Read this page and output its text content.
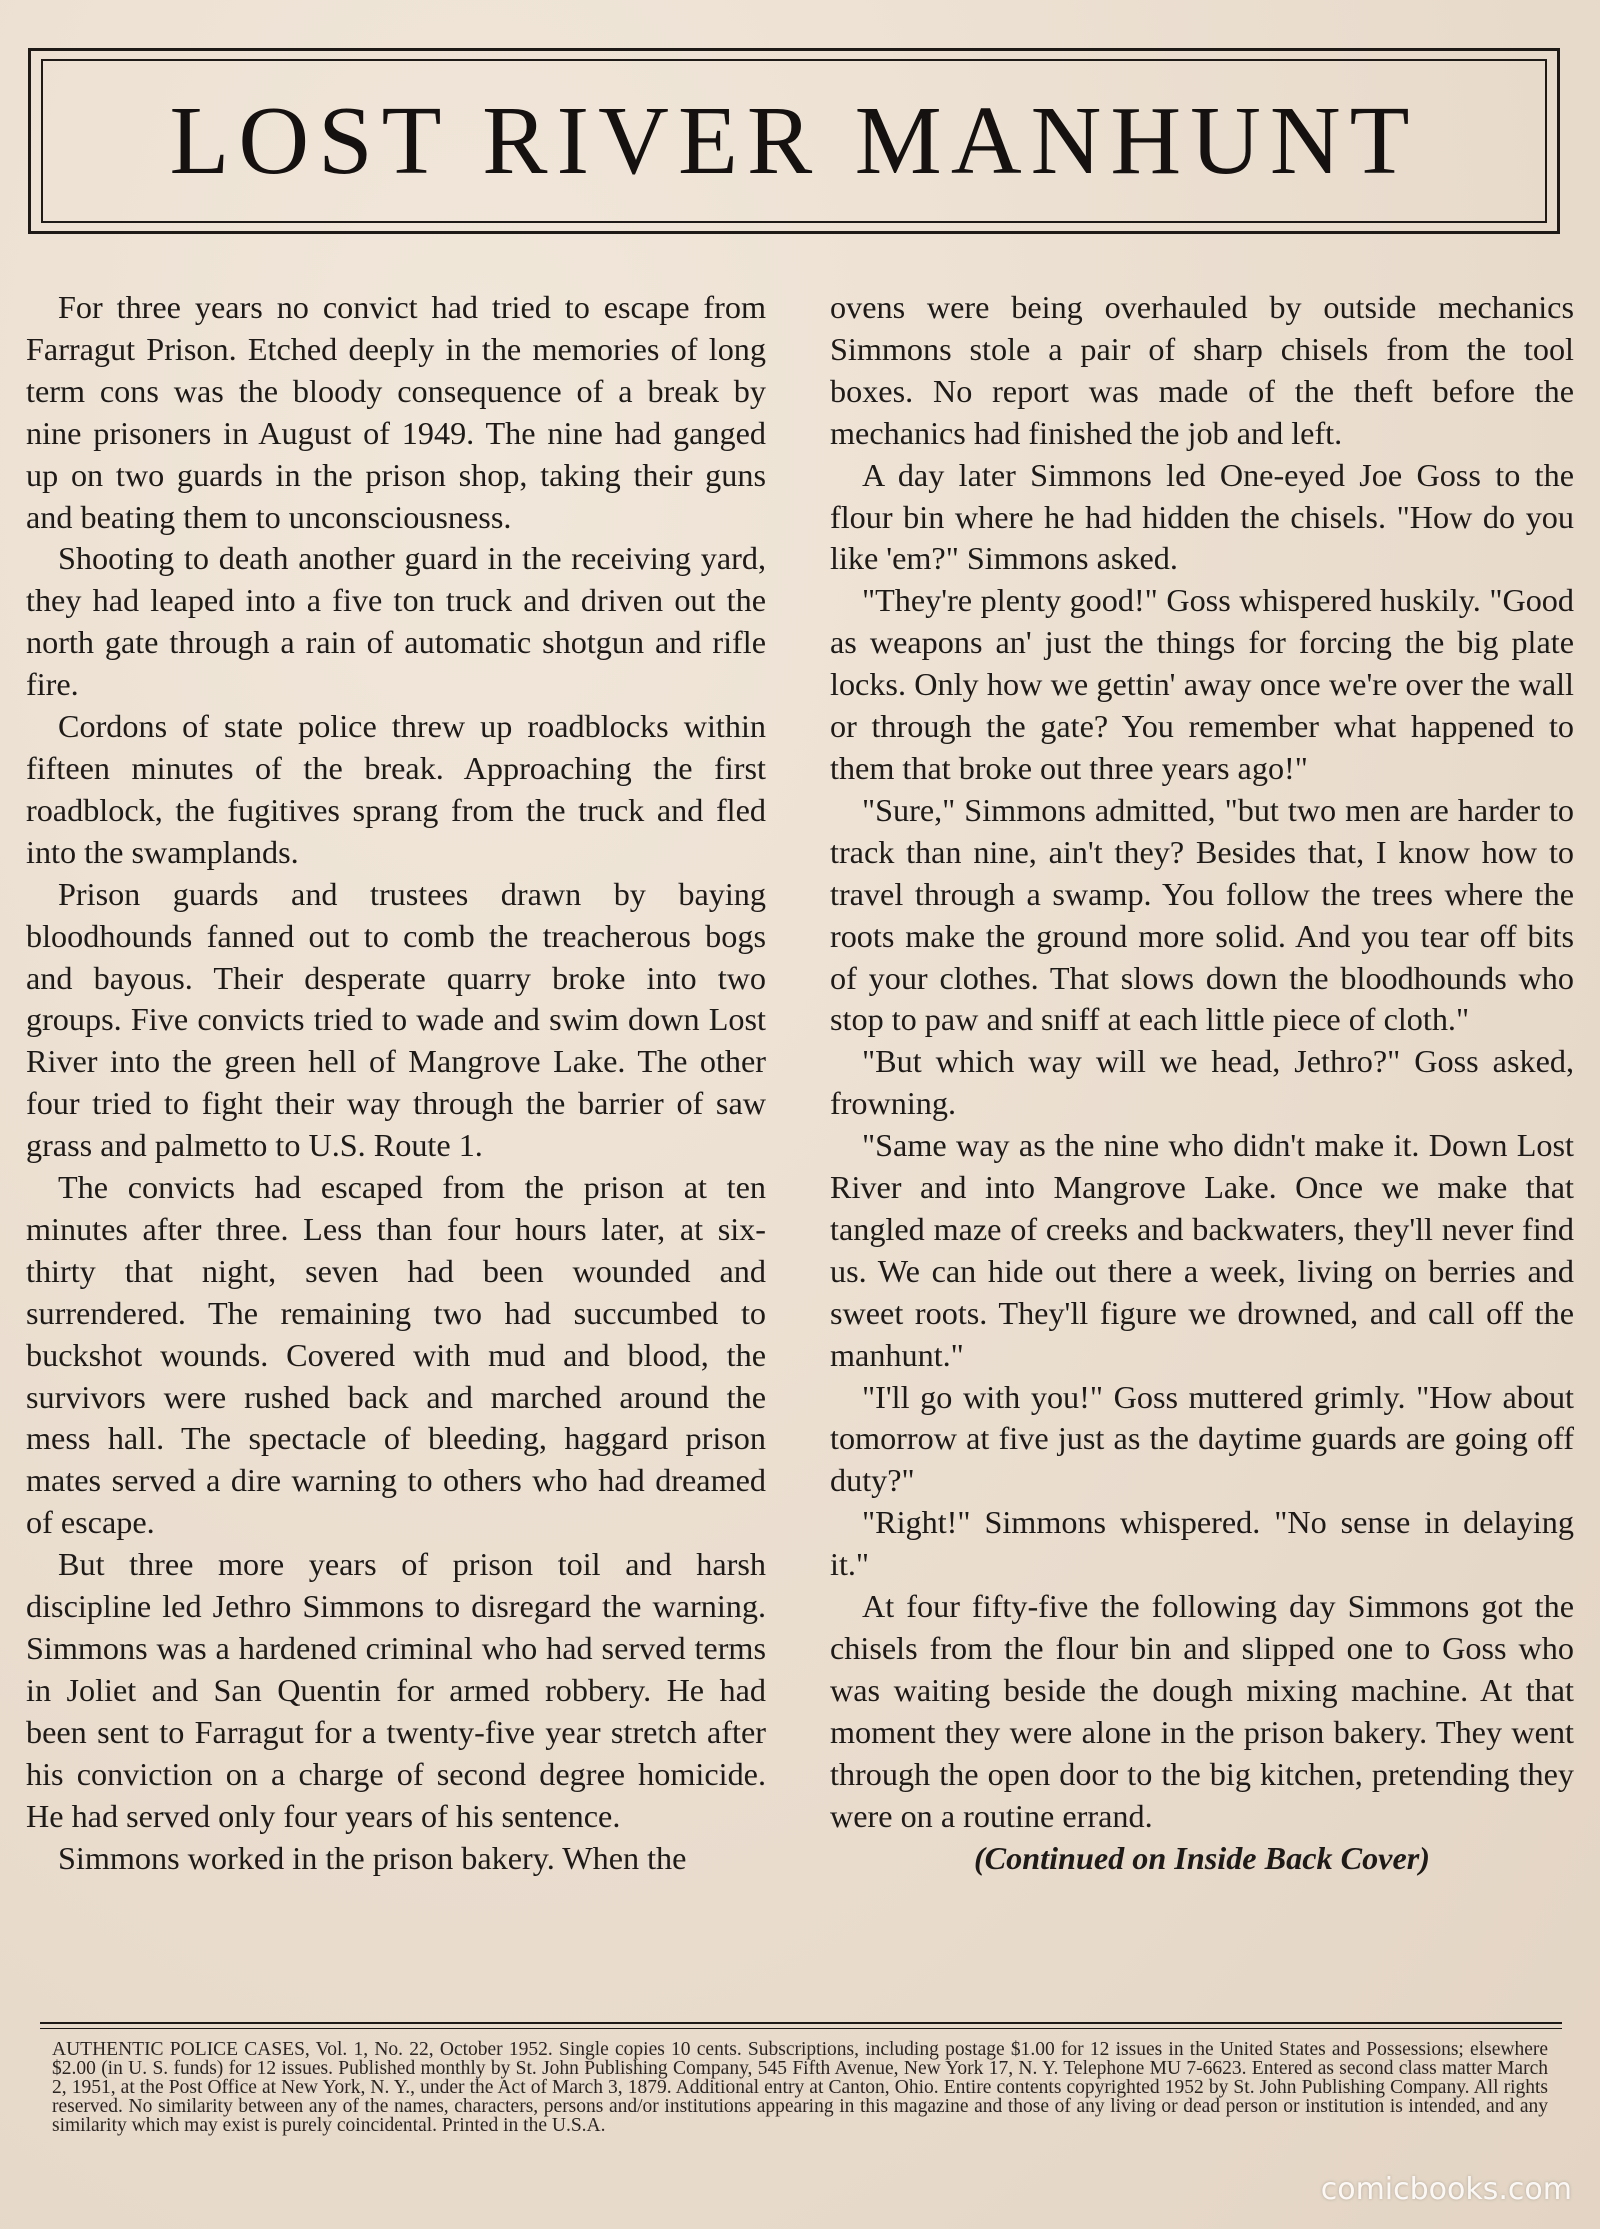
LOST RIVER MANHUNT

For three years no convict had tried to escape from Farragut Prison. Etched deeply in the memories of long term cons was the bloody consequence of a break by nine prisoners in August of 1949. The nine had ganged up on two guards in the prison shop, taking their guns and beating them to unconsciousness.

Shooting to death another guard in the receiving yard, they had leaped into a five ton truck and driven out the north gate through a rain of automatic shotgun and rifle fire.

Cordons of state police threw up roadblocks within fifteen minutes of the break. Approaching the first roadblock, the fugitives sprang from the truck and fled into the swamplands.

Prison guards and trustees drawn by baying bloodhounds fanned out to comb the treacherous bogs and bayous. Their desperate quarry broke into two groups. Five convicts tried to wade and swim down Lost River into the green hell of Mangrove Lake. The other four tried to fight their way through the barrier of saw grass and palmetto to U.S. Route 1.

The convicts had escaped from the prison at ten minutes after three. Less than four hours later, at six-thirty that night, seven had been wounded and surrendered. The remaining two had succumbed to buckshot wounds. Covered with mud and blood, the survivors were rushed back and marched around the mess hall. The spectacle of bleeding, haggard prison mates served a dire warning to others who had dreamed of escape.

But three more years of prison toil and harsh discipline led Jethro Simmons to disregard the warning. Simmons was a hardened criminal who had served terms in Joliet and San Quentin for armed robbery. He had been sent to Farragut for a twenty-five year stretch after his conviction on a charge of second degree homicide. He had served only four years of his sentence.

Simmons worked in the prison bakery. When the

ovens were being overhauled by outside mechanics Simmons stole a pair of sharp chisels from the tool boxes. No report was made of the theft before the mechanics had finished the job and left.

A day later Simmons led One-eyed Joe Goss to the flour bin where he had hidden the chisels. "How do you like 'em?" Simmons asked.

"They're plenty good!" Goss whispered huskily. "Good as weapons an' just the things for forcing the big plate locks. Only how we gettin' away once we're over the wall or through the gate? You remember what happened to them that broke out three years ago!"

"Sure," Simmons admitted, "but two men are harder to track than nine, ain't they? Besides that, I know how to travel through a swamp. You follow the trees where the roots make the ground more solid. And you tear off bits of your clothes. That slows down the bloodhounds who stop to paw and sniff at each little piece of cloth."

"But which way will we head, Jethro?" Goss asked, frowning.

"Same way as the nine who didn't make it. Down Lost River and into Mangrove Lake. Once we make that tangled maze of creeks and backwaters, they'll never find us. We can hide out there a week, living on berries and sweet roots. They'll figure we drowned, and call off the manhunt."

"I'll go with you!" Goss muttered grimly. "How about tomorrow at five just as the daytime guards are going off duty?"

"Right!" Simmons whispered. "No sense in delaying it."

At four fifty-five the following day Simmons got the chisels from the flour bin and slipped one to Goss who was waiting beside the dough mixing machine. At that moment they were alone in the prison bakery. They went through the open door to the big kitchen, pretending they were on a routine errand.

(Continued on Inside Back Cover)

AUTHENTIC POLICE CASES, Vol. 1, No. 22, October 1952. Single copies 10 cents. Subscriptions, including postage $1.00 for 12 issues in the United States and Possessions; elsewhere $2.00 (in U. S. funds) for 12 issues. Published monthly by St. John Publishing Company, 545 Fifth Avenue, New York 17, N. Y. Telephone MU 7-6623. Entered as second class matter March 2, 1951, at the Post Office at New York, N. Y., under the Act of March 3, 1879. Additional entry at Canton, Ohio. Entire contents copyrighted 1952 by St. John Publishing Company. All rights reserved. No similarity between any of the names, characters, persons and/or institutions appearing in this magazine and those of any living or dead person or institution is intended, and any similarity which may exist is purely coincidental. Printed in the U.S.A.
comicbooks.com
